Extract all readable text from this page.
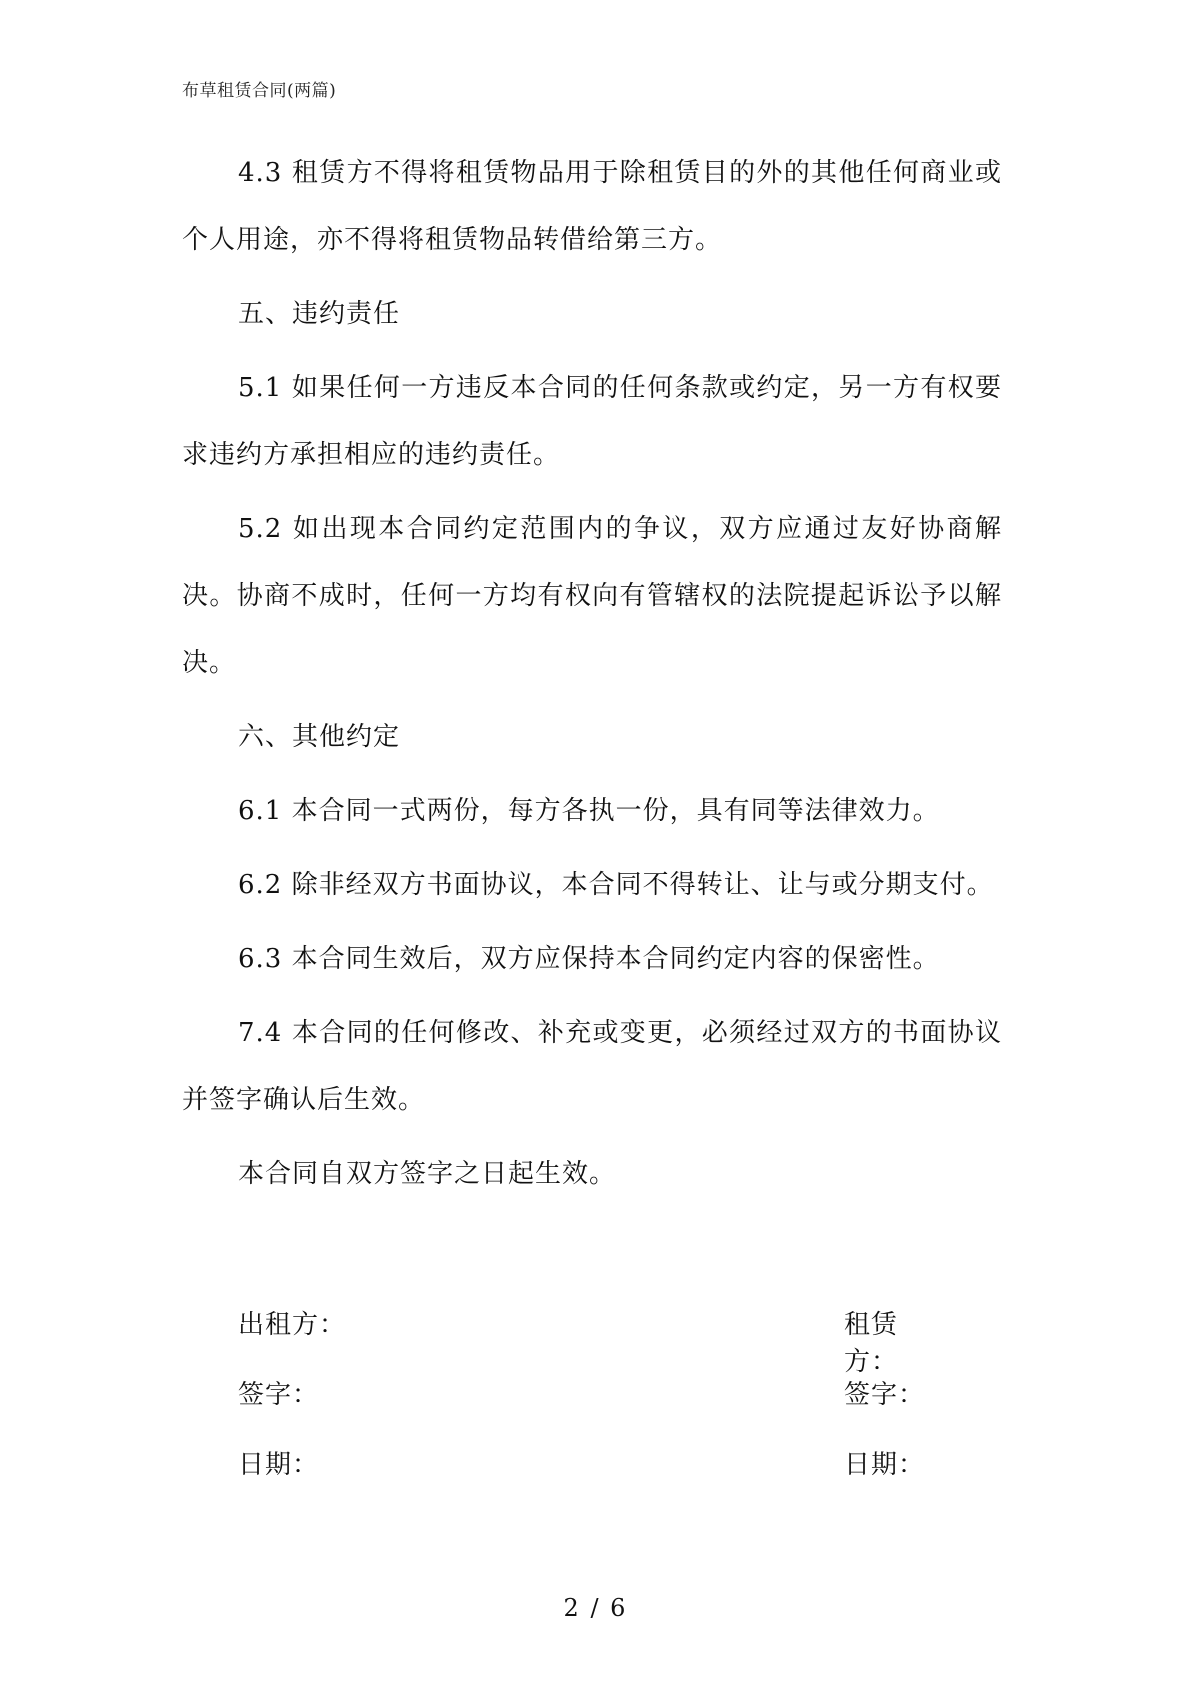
布草租赁合同(两篇)

4.3 租赁方不得将租赁物品用于除租赁目的外的其他任何商业或个人用途，亦不得将租赁物品转借给第三方。

五、违约责任

5.1 如果任何一方违反本合同的任何条款或约定，另一方有权要求违约方承担相应的违约责任。

5.2 如出现本合同约定范围内的争议，双方应通过友好协商解决。协商不成时，任何一方均有权向有管辖权的法院提起诉讼予以解决。

六、其他约定

6.1 本合同一式两份，每方各执一份，具有同等法律效力。

6.2 除非经双方书面协议，本合同不得转让、让与或分期支付。

6.3 本合同生效后，双方应保持本合同约定内容的保密性。

7.4 本合同的任何修改、补充或变更，必须经过双方的书面协议并签字确认后生效。

本合同自双方签字之日起生效。

出租方：	租赁方：
签字：	签字：
日期：	日期：
2 / 6
